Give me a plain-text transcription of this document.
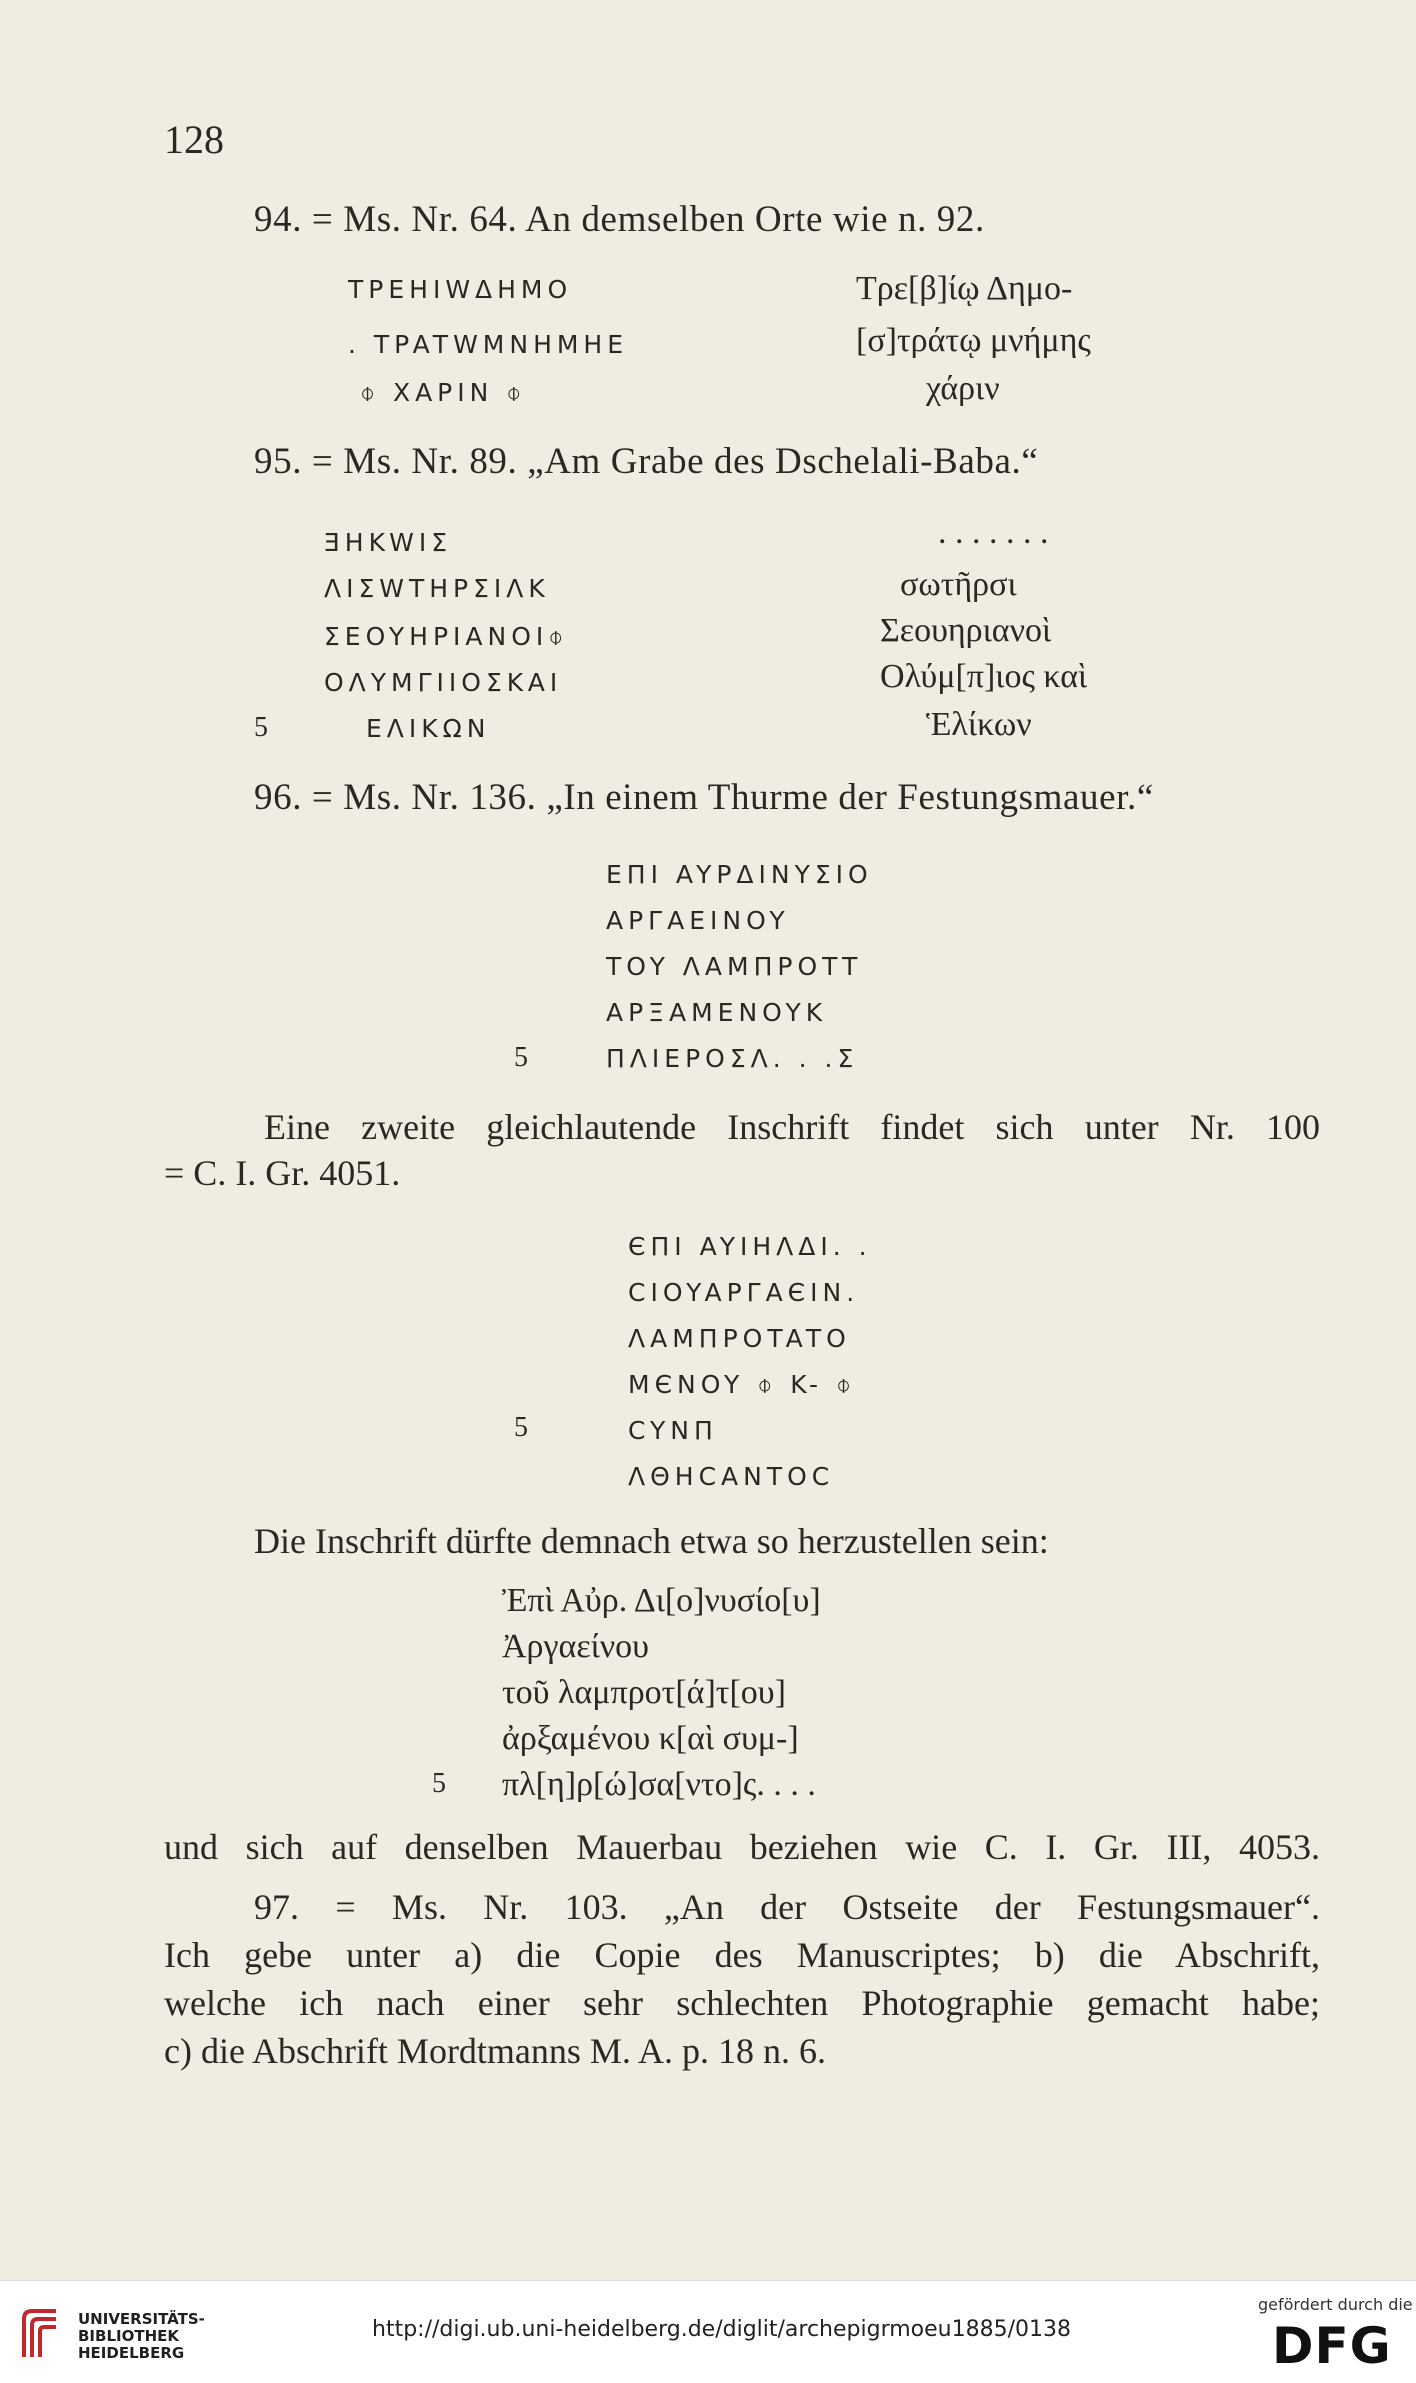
128
94. = Ms. Nr. 64. An demselben Orte wie n. 92.
TPEHIWΔHMO
. TPATWMNHMHE
⌽ XAPIN ⌽
Τρε[β]ίῳ Δημο-
[σ]τράτῳ μνήμης
χάριν
95. = Ms. Nr. 89. „Am Grabe des Dschelali-Baba.“
ƎHKWIΣ
ΛIΣWTHPΣIΛK
ΣEOYHPIANOI⌽
OΛYMΓIIOΣKAI
EΛIKΩN
5
. . . . . . .
σωτῆρσι
Σεουηριανοὶ
Ολύμ[π]ιος καὶ
Ἑλίκων
96. = Ms. Nr. 136. „In einem Thurme der Festungsmauer.“
EΠI AYPΔINYΣIO
APΓAEINOY
TOY ΛAMΠPOTT
APΞAMENOYK
ΠΛIEPOΣΛ. . .Σ
5
Eine zweite gleichlautende Inschrift findet sich unter Nr. 100
= C. I. Gr. 4051.
ЄΠI AYIHΛΔI. .
CIOYAPΓAЄIN.
ΛAMΠPOTATO
MЄNOY ⌽ K- ⌽
CYNΠ
ΛΘHCANTOC
5
Die Inschrift dürfte demnach etwa so herzustellen sein:
Ἐπὶ Αὐρ. Δι[ο]νυσίο[υ]
Ἀργαείνου
τοῦ λαμπροτ[ά]τ[ου]
ἀρξαμένου κ[αὶ συμ-]
πλ[η]ρ[ώ]σα[ντο]ς. . . .
5
und sich auf denselben Mauerbau beziehen wie C. I. Gr. III, 4053.
97. = Ms. Nr. 103. „An der Ostseite der Festungsmauer“.
Ich gebe unter a) die Copie des Manuscriptes; b) die Abschrift,
welche ich nach einer sehr schlechten Photographie gemacht habe;
c) die Abschrift Mordtmanns M. A. p. 18 n. 6.
UNIVERSITÄTS-
BIBLIOTHEK
HEIDELBERG
http://digi.ub.uni-heidelberg.de/diglit/archepigrmoeu1885/0138
gefördert durch die
DFG
